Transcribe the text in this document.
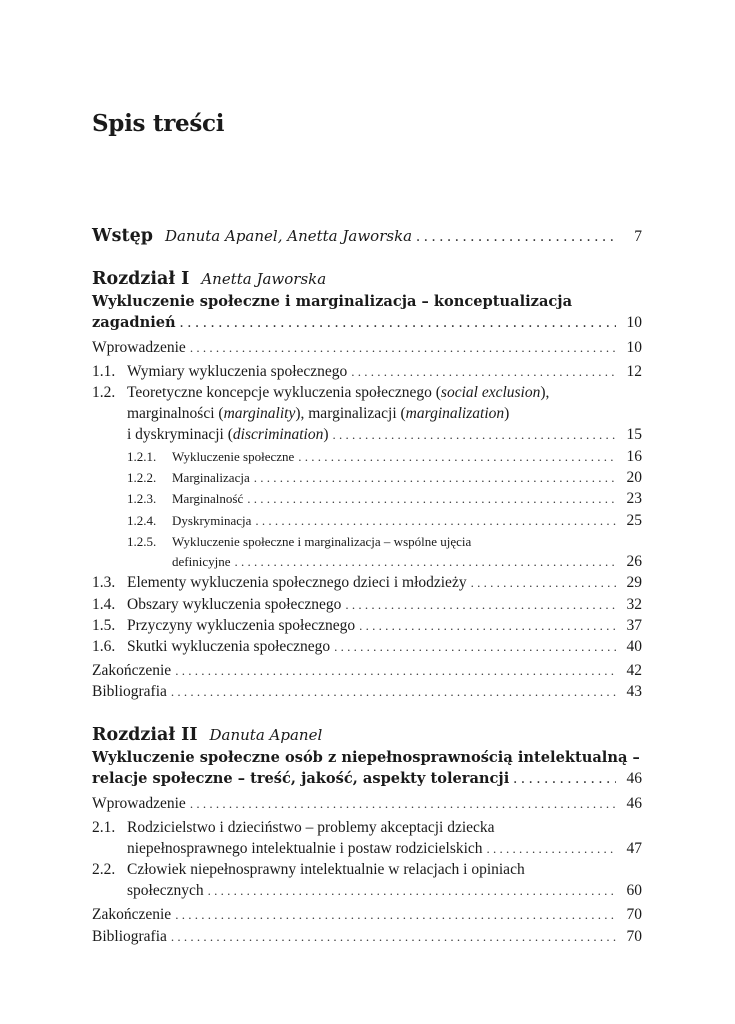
Spis treści
Wstęp Danuta Apanel, Anetta Jaworska . . .	7
Rozdział I Anetta Jaworska
Wykluczenie społeczne i marginalizacja – konceptualizacja
zagadnień . . .	10
Wprowadzenie . . .	10
1.1. Wymiary wykluczenia społecznego . . .	12
1.2. Teoretyczne koncepcje wykluczenia społecznego (social exclusion),
marginalności (marginality), marginalizacji (marginalization)
i dyskryminacji (discrimination) . . .	15
1.2.1. Wykluczenie społeczne . . .	16
1.2.2. Marginalizacja . . .	20
1.2.3. Marginalność . . .	23
1.2.4. Dyskryminacja . . .	25
1.2.5. Wykluczenie społeczne i marginalizacja – wspólne ujęcia
definicyjne . . .	26
1.3. Elementy wykluczenia społecznego dzieci i młodzieży . . .	29
1.4. Obszary wykluczenia społecznego . . .	32
1.5. Przyczyny wykluczenia społecznego . . .	37
1.6. Skutki wykluczenia społecznego . . .	40
Zakończenie . . .	42
Bibliografia . . .	43
Rozdział II Danuta Apanel
Wykluczenie społeczne osób z niepełnosprawnością intelektualną –
relacje społeczne – treść, jakość, aspekty tolerancji . . .	46
Wprowadzenie . . .	46
2.1. Rodzicielstwo i dzieciństwo – problemy akceptacji dziecka
niepełnosprawnego intelektualnie i postaw rodzicielskich . . .	47
2.2. Człowiek niepełnosprawny intelektualnie w relacjach i opiniach
społecznych . . .	60
Zakończenie . . .	70
Bibliografia . . .	70
